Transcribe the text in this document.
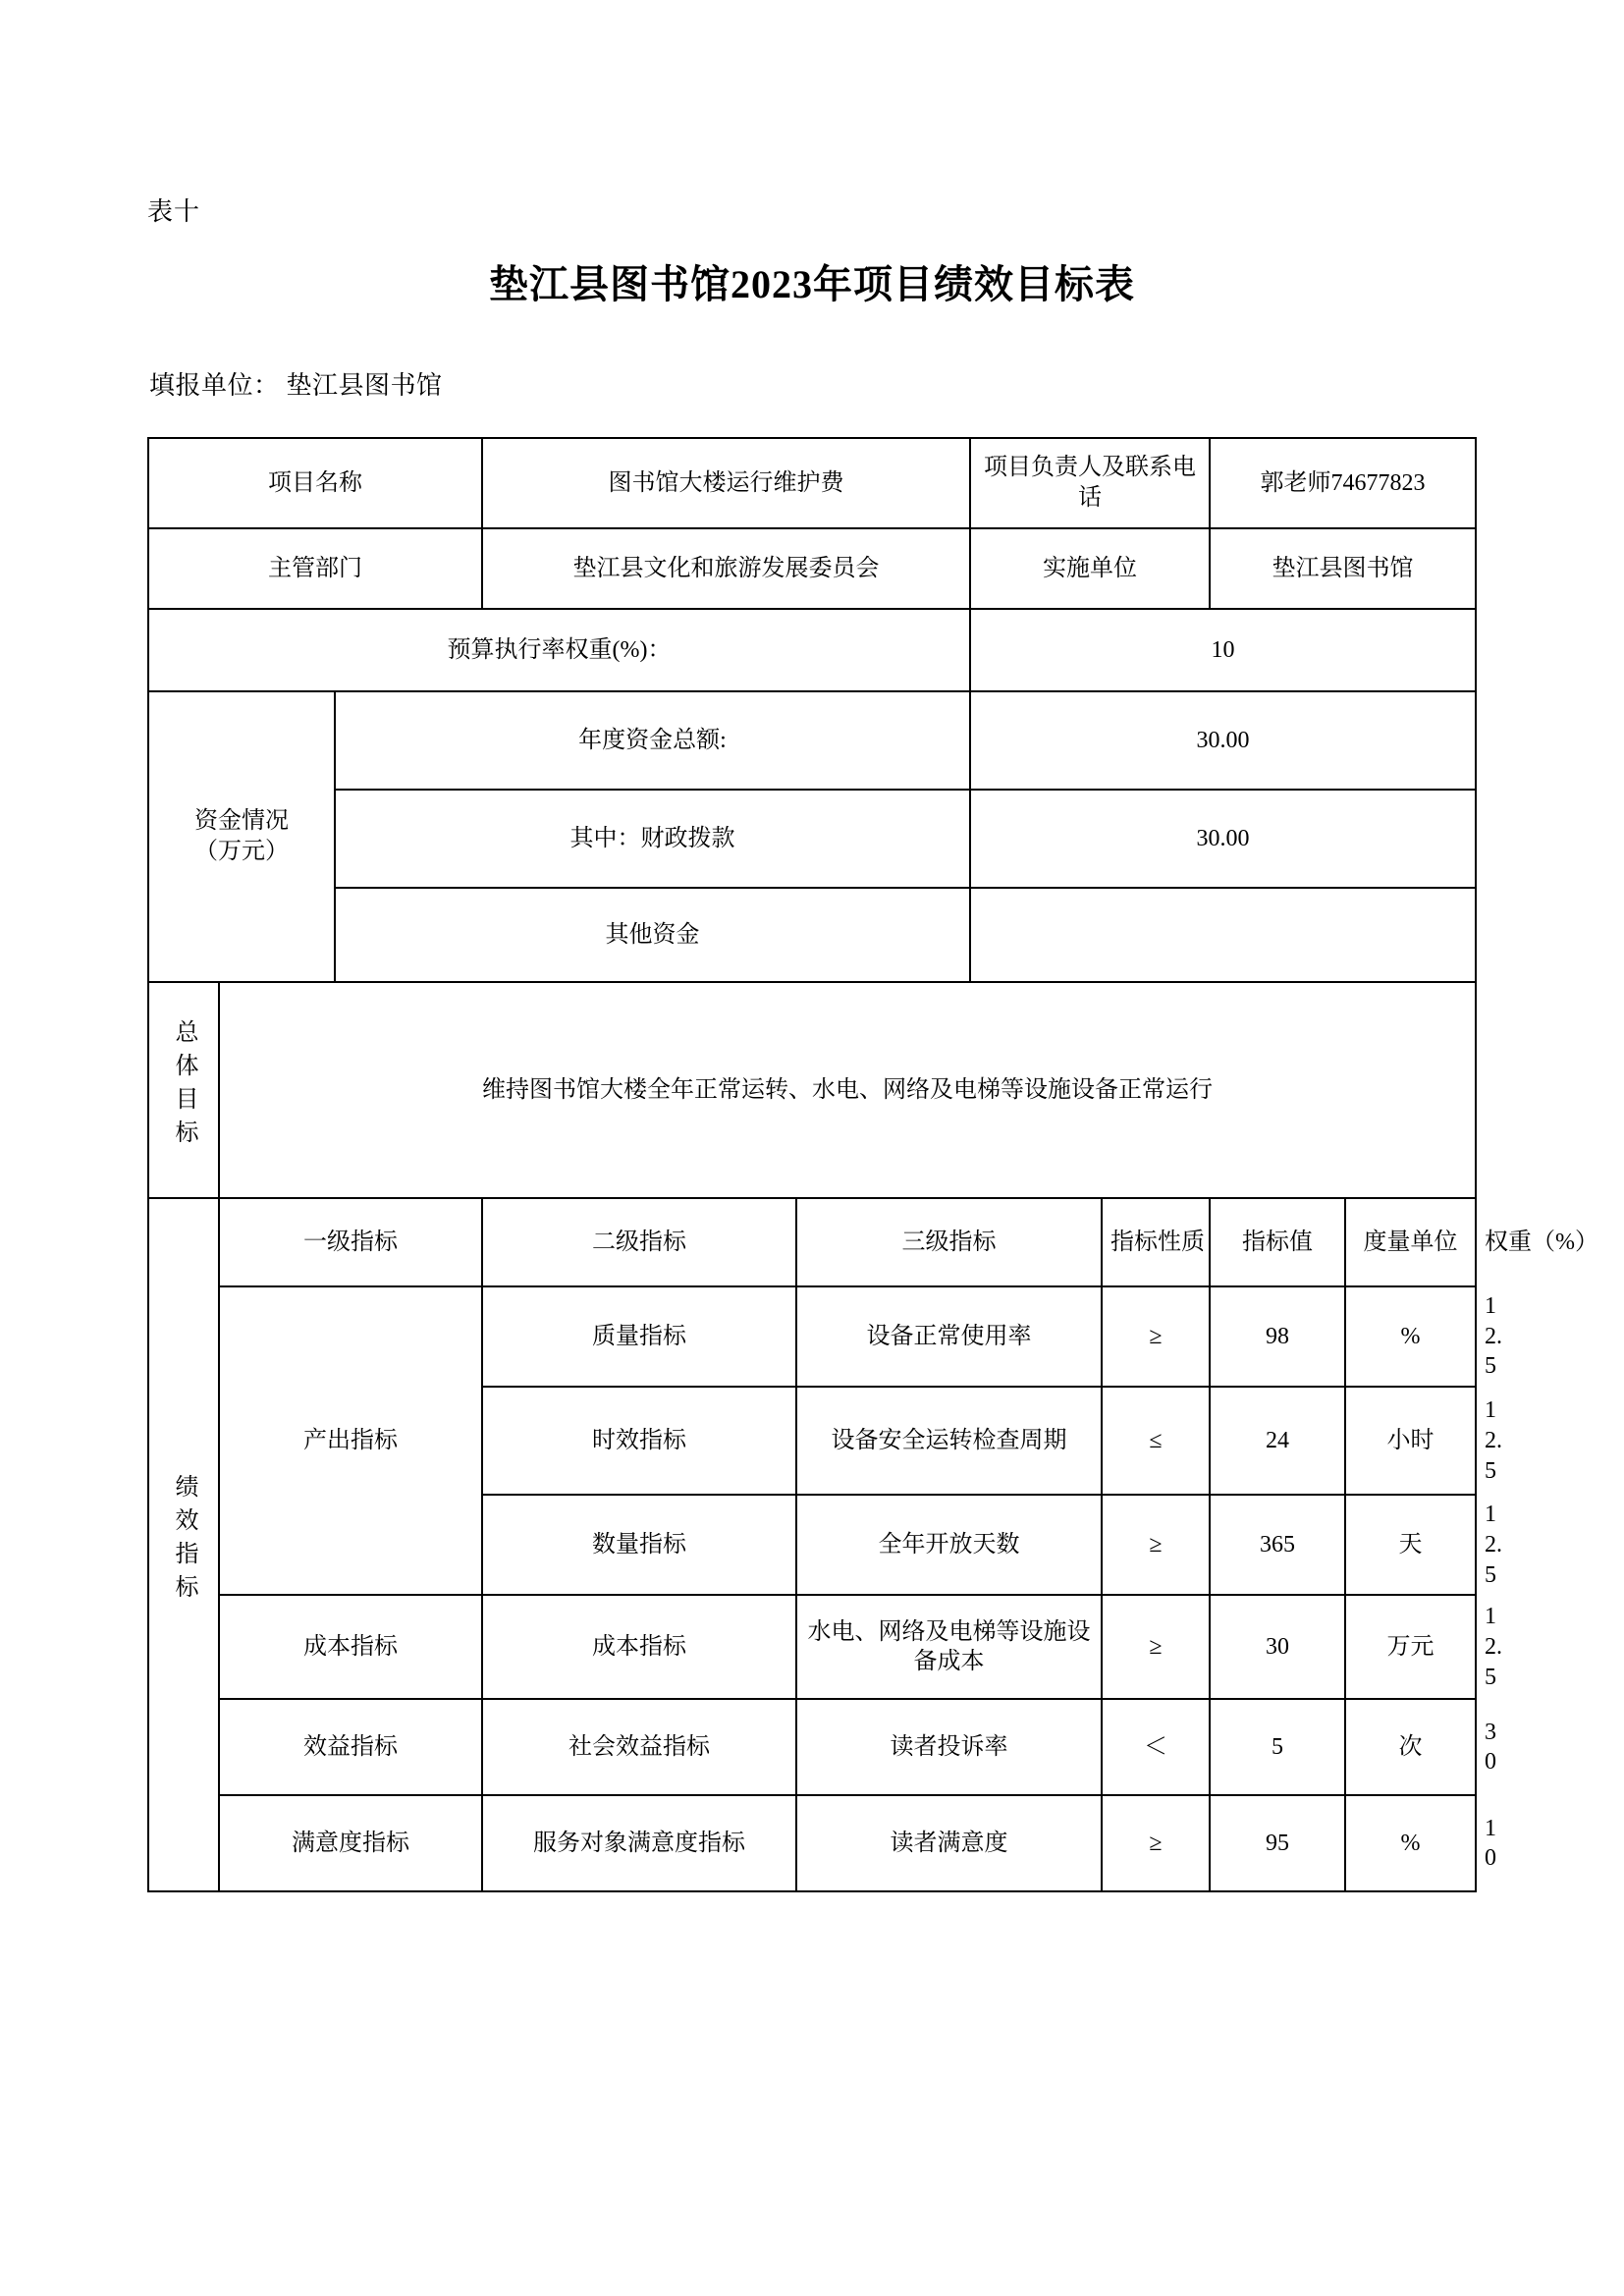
表十
垫江县图书馆2023年项目绩效目标表
填报单位： 垫江县图书馆
项目名称			图书馆大楼运行维护费		项目负责人及联系电话		郭老师74677823		
主管部门			垫江县文化和旅游发展委员会		实施单位		垫江县图书馆		
预算执行率权重(%)：					10				

资金情况
（万元）		年度资金总额:			30.00				
		其中：财政拨款			30.00				
		其他资金							
总体目标	维持图书馆大楼全年正常运转、水电、网络及电梯等设施设备正常运行								
绩效指标	一级指标		二级指标	三级指标		指标性质	指标值	度量单位	权重（%）
	产出指标		质量指标	设备正常使用率		≥	98	%	12.5
			时效指标	设备安全运转检查周期		≤	24	小时	12.5
			数量指标	全年开放天数		≥	365	天	12.5
	成本指标		成本指标	水电、网络及电梯等设施设备成本		≥	30	万元	12.5
	效益指标		社会效益指标	读者投诉率		＜	5	次	30
	满意度指标		服务对象满意度指标	读者满意度		≥	95	%	10
